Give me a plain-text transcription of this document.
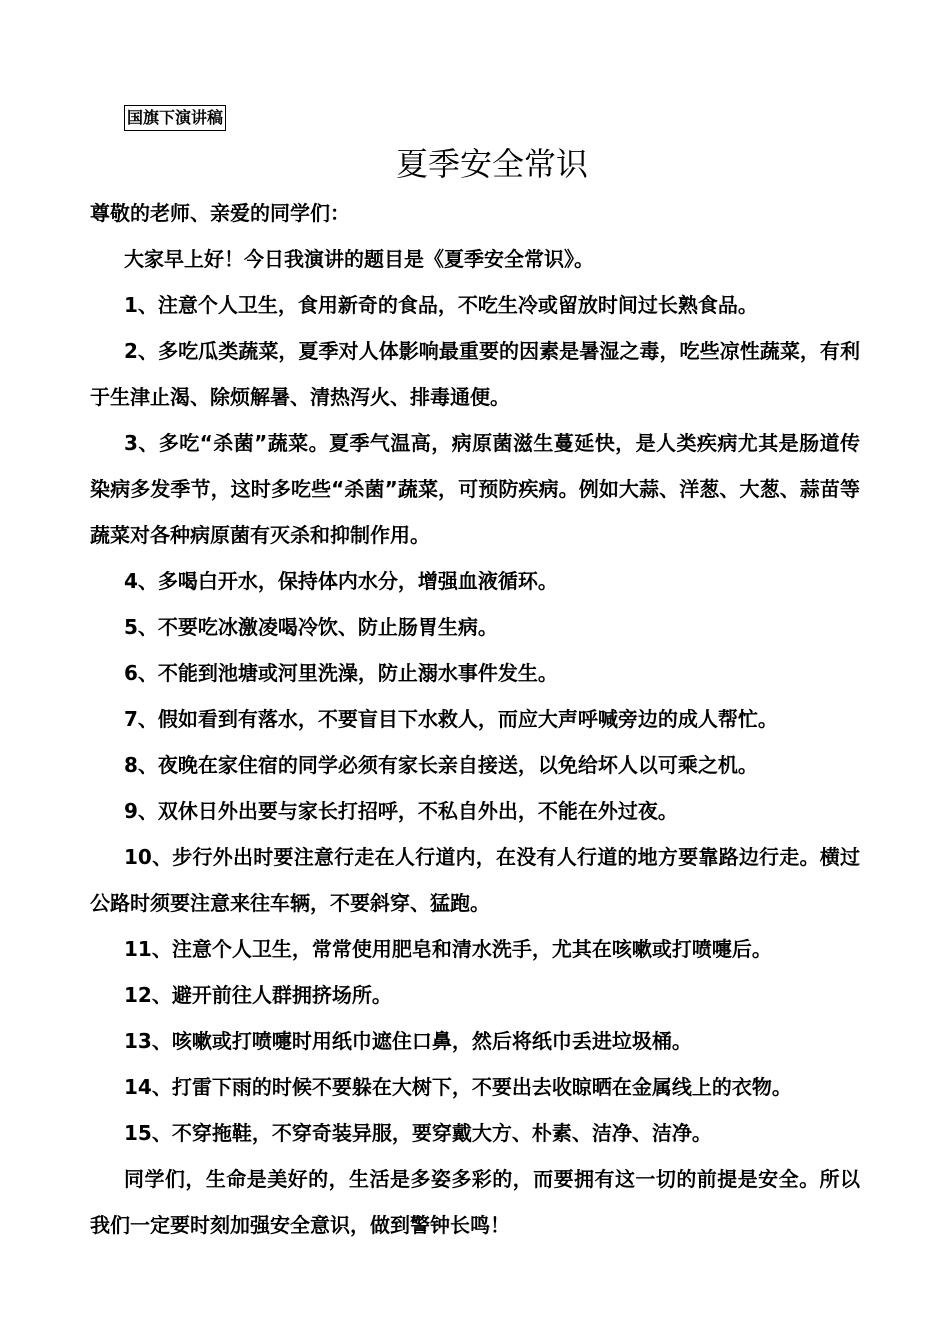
国旗下演讲稿
夏季安全常识

尊敬的老师、亲爱的同学们：

大家早上好！今日我演讲的题目是《夏季安全常识》。

1、注意个人卫生，食用新奇的食品，不吃生冷或留放时间过长熟食品。

2、多吃瓜类蔬菜，夏季对人体影响最重要的因素是暑湿之毒，吃些凉性蔬菜，有利于生津止渴、除烦解暑、清热泻火、排毒通便。

3、多吃“杀菌”蔬菜。夏季气温高，病原菌滋生蔓延快，是人类疾病尤其是肠道传染病多发季节，这时多吃些“杀菌”蔬菜，可预防疾病。例如大蒜、洋葱、大葱、蒜苗等蔬菜对各种病原菌有灭杀和抑制作用。

4、多喝白开水，保持体内水分，增强血液循环。

5、不要吃冰激凌喝冷饮、防止肠胃生病。

6、不能到池塘或河里洗澡，防止溺水事件发生。

7、假如看到有落水，不要盲目下水救人，而应大声呼喊旁边的成人帮忙。

8、夜晚在家住宿的同学必须有家长亲自接送，以免给坏人以可乘之机。

9、双休日外出要与家长打招呼，不私自外出，不能在外过夜。

10、步行外出时要注意行走在人行道内，在没有人行道的地方要靠路边行走。横过公路时须要注意来往车辆，不要斜穿、猛跑。

11、注意个人卫生，常常使用肥皂和清水洗手，尤其在咳嗽或打喷嚏后。

12、避开前往人群拥挤场所。

13、咳嗽或打喷嚏时用纸巾遮住口鼻，然后将纸巾丢进垃圾桶。

14、打雷下雨的时候不要躲在大树下，不要出去收晾晒在金属线上的衣物。

15、不穿拖鞋，不穿奇装异服，要穿戴大方、朴素、洁净、洁净。

同学们，生命是美好的，生活是多姿多彩的，而要拥有这一切的前提是安全。所以我们一定要时刻加强安全意识，做到警钟长鸣！
